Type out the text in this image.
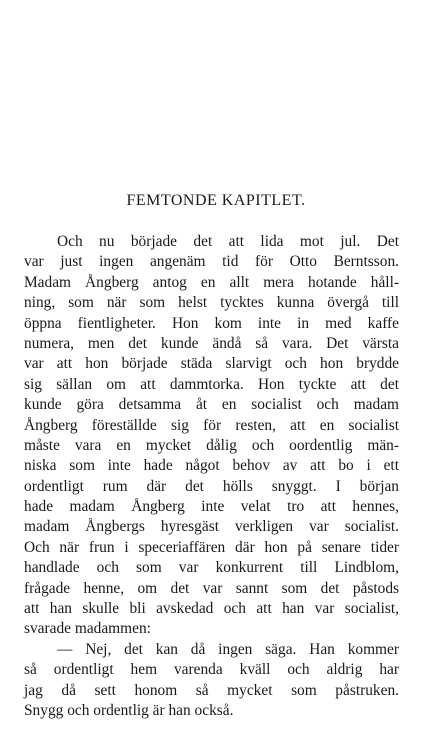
FEMTONDE KAPITLET.
Och nu började det att lida mot jul. Det
var just ingen angenäm tid för Otto Berntsson.
Madam Ångberg antog en allt mera hotande håll-
ning, som när som helst tycktes kunna övergå till
öppna fientligheter. Hon kom inte in med kaffe
numera, men det kunde ändå så vara. Det värsta
var att hon började städa slarvigt och hon brydde
sig sällan om att dammtorka. Hon tyckte att det
kunde göra detsamma åt en socialist och madam
Ångberg föreställde sig för resten, att en socialist
måste vara en mycket dålig och oordentlig män-
niska som inte hade något behov av att bo i ett
ordentligt rum där det hölls snyggt. I början
hade madam Ångberg inte velat tro att hennes,
madam Ångbergs hyresgäst verkligen var socialist.
Och när frun i speceriaffären där hon på senare tider
handlade och som var konkurrent till Lindblom,
frågade henne, om det var sannt som det påstods
att han skulle bli avskedad och att han var socialist,
svarade madammen:
— Nej, det kan då ingen säga. Han kommer
så ordentligt hem varenda kväll och aldrig har
jag då sett honom så mycket som påstruken.
Snygg och ordentlig är han också.
